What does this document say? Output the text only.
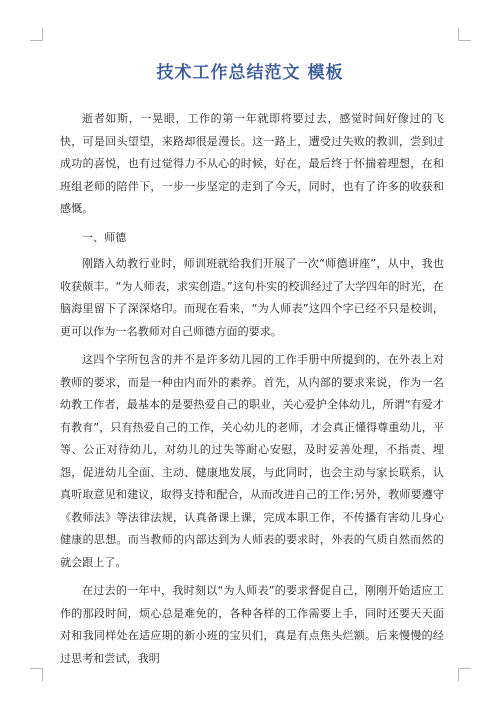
技术工作总结范文 模板

逝者如斯，一晃眼，工作的第一年就即将要过去，感觉时间好像过的飞快，可是回头望望，来路却很是漫长。这一路上，遭受过失败的教训，尝到过成功的喜悦，也有过觉得力不从心的时候，好在，最后终于怀揣着理想，在和班组老师的陪伴下，一步一步坚定的走到了今天，同时，也有了许多的收获和感慨。

一、师德

刚踏入幼教行业时，师训班就给我们开展了一次“师德讲座”，从中，我也收获颇丰。“为人师表，求实创造。”这句朴实的校训经过了大学四年的时光，在脑海里留下了深深烙印。而现在看来，“为人师表”这四个字已经不只是校训，更可以作为一名教师对自己师德方面的要求。

这四个字所包含的并不是许多幼儿园的工作手册中所提到的，在外表上对教师的要求，而是一种由内而外的素养。首先，从内部的要求来说，作为一名幼教工作者，最基本的是要热爱自己的职业，关心爱护全体幼儿，所谓“有爱才有教育”，只有热爱自己的工作，关心幼儿的老师，才会真正懂得尊重幼儿，平等、公正对待幼儿，对幼儿的过失等耐心安慰，及时妥善处理，不指责、埋怨，促进幼儿全面、主动、健康地发展，与此同时，也会主动与家长联系，认真听取意见和建议，取得支持和配合，从而改进自己的工作;另外，教师要遵守《教师法》等法律法规，认真备课上课，完成本职工作，不传播有害幼儿身心健康的思想。而当教师的内部达到为人师表的要求时，外表的气质自然而然的就会跟上了。

在过去的一年中，我时刻以“为人师表”的要求督促自己，刚刚开始适应工作的那段时间，烦心总是难免的，各种各样的工作需要上手，同时还要天天面对和我同样处在适应期的新小班的宝贝们，真是有点焦头烂额。后来慢慢的经过思考和尝试，我明
